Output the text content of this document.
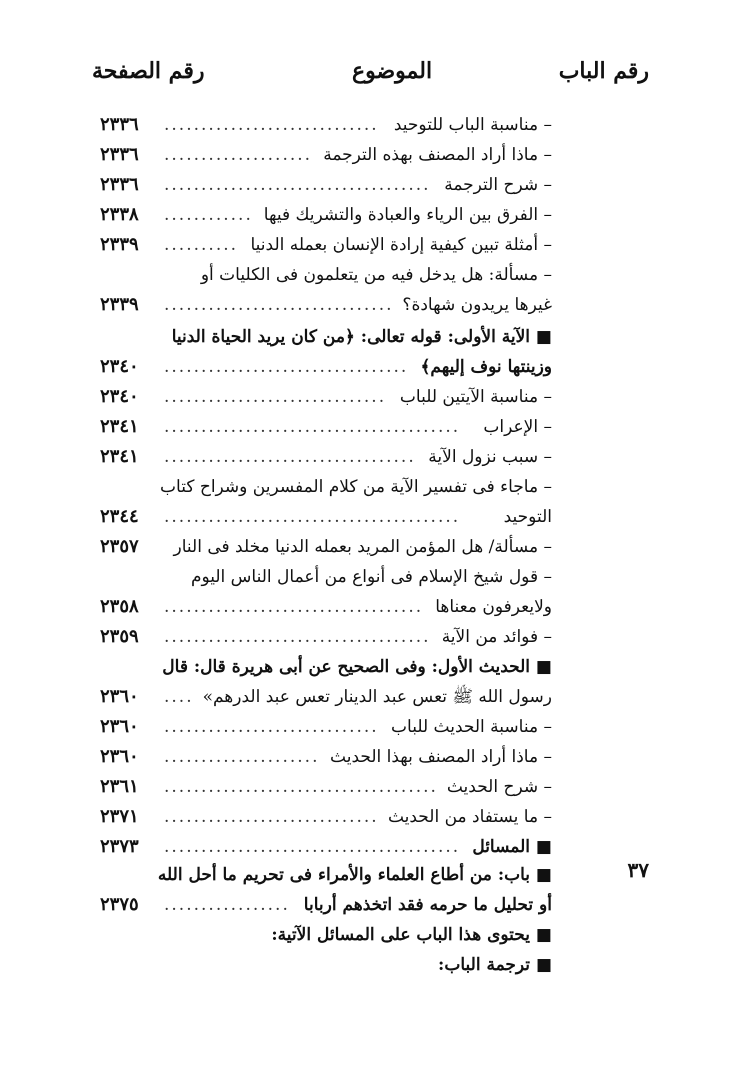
رقم الباب
الموضوع
رقم الصفحة
– مناسبة الباب للتوحيد
.............................
٢٣٣٦
– ماذا أراد المصنف بهذه الترجمة
....................
٢٣٣٦
– شرح الترجمة
....................................
٢٣٣٦
– الفرق بين الرياء والعبادة والتشريك فيها
............
٢٣٣٨
– أمثلة تبين كيفية إرادة الإنسان بعمله الدنيا
..........
٢٣٣٩
– مسألة: هل يدخل فيه من يتعلمون فى الكليات أو
غيرها يريدون شهادة؟
...............................
٢٣٣٩
■ الآية الأولى: قوله تعالى: ﴿من كان يريد الحياة الدنيا
وزينتها نوف إليهم﴾
.................................
٢٣٤٠
– مناسبة الآيتين للباب
..............................
٢٣٤٠
– الإعراب
........................................
٢٣٤١
– سبب نزول الآية
..................................
٢٣٤١
– ماجاء فى تفسير الآية من كلام المفسرين وشراح كتاب
التوحيد
........................................
٢٣٤٤
– مسألة/ هل المؤمن المريد بعمله الدنيا مخلد فى النار
٢٣٥٧
– قول شيخ الإسلام فى أنواع من أعمال الناس اليوم
ولايعرفون معناها
...................................
٢٣٥٨
– فوائد من الآية
....................................
٢٣٥٩
■ الحديث الأول: وفى الصحيح عن أبى هريرة قال: قال
رسول الله ﷺ تعس عبد الدينار تعس عبد الدرهم»
....
٢٣٦٠
– مناسبة الحديث للباب
.............................
٢٣٦٠
– ماذا أراد المصنف بهذا الحديث
.....................
٢٣٦٠
– شرح الحديث
.....................................
٢٣٦١
– ما يستفاد من الحديث
.............................
٢٣٧١
■ المسائل
........................................
٢٣٧٣
■ باب: من أطاع العلماء والأمراء فى تحريم ما أحل الله
أو تحليل ما حرمه فقد اتخذهم أربابا
.................
٢٣٧٥
■ يحتوى هذا الباب على المسائل الآتية:
■ ترجمة الباب:
٣٧
